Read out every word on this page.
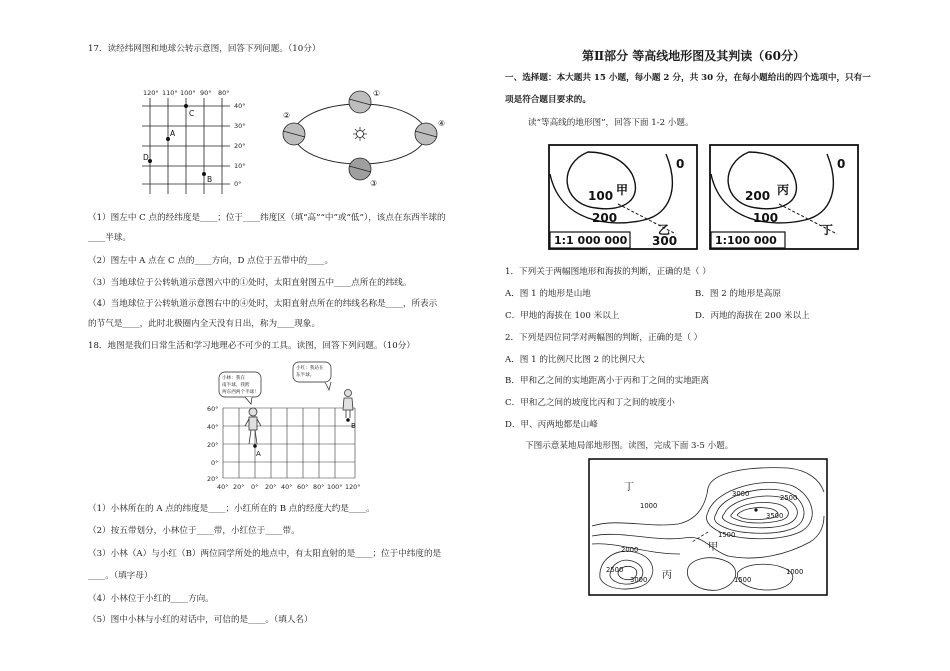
17．读经纬网图和地球公转示意图，回答下列问题。（10分）
120° 110° 100° 90° 80°
40°
30°
20°
10°
0°
C
A
D
B
①
②
③
④
（1）图左中 C 点的经纬度是____；位于____纬度区（填“高”“中”或“低”），该点在东西半球的
____半球。
（2）图左中 A 点在 C 点的____方向，D 点位于五带中的____。
（3）当地球位于公转轨道示意图六中的①处时，太阳直射图五中____点所在的纬线。
（4）当地球位于公转轨道示意图右中的④处时，太阳直射点所在的纬线名称是____，所表示
的节气是____，此时北极圈内全天没有日出，称为____现象。
18．地图是我们日常生活和学习地理必不可少的工具。读图，回答下列问题。（10分）
小林：我在
南半球，我跨
两东西两个半球！
小红：我站在
东半球。
60°
40°
20°
0°
20°
40° 20° 0° 20° 40° 60° 80° 100° 120°
A
B
（1）小林所在的 A 点的纬度是____；小红所在的 B 点的经度大约是____。
（2）按五带划分，小林位于____带，小红位于____带。
（3）小林（A）与小红（B）两位同学所处的地点中，有太阳直射的是____；位于中纬度的是
____。（填字母）
（4）小林位于小红的____方向。
（5）图中小林与小红的对话中，可信的是____。（填人名）
第Ⅱ部分 等高线地形图及其判读（60分）
一、选择题：本大题共 15 小题，每小题 2 分，共 30 分，在每小题给出的四个选项中，只有一
项是符合题目要求的。
读“等高线的地形图”，回答下面 1-2 小题。
0
100 甲
200
乙
300
1:1 000 000
0
200 丙
100
丁
1:100 000
1．下列关于两幅图地形和海拔的判断，正确的是（ ）
A．图 1 的地形是山地	B．图 2 的地形是高原
C．甲地的海拔在 100 米以上	D．丙地的海拔在 200 米以上
2．下列是四位同学对两幅图的判断，正确的是（ ）
A．图 1 的比例尺比图 2 的比例尺大
B．甲和乙之间的实地距离小于丙和丁之间的实地距离
C．甲和乙之间的坡度比丙和丁之间的坡度小
D．甲、丙两地都是山峰
下图示意某地局部地形图。读图，完成下面 3-5 小题。
丁
1000
3000
3500
2500
1500
甲
2000
2500
3000 丙	1500
1000
